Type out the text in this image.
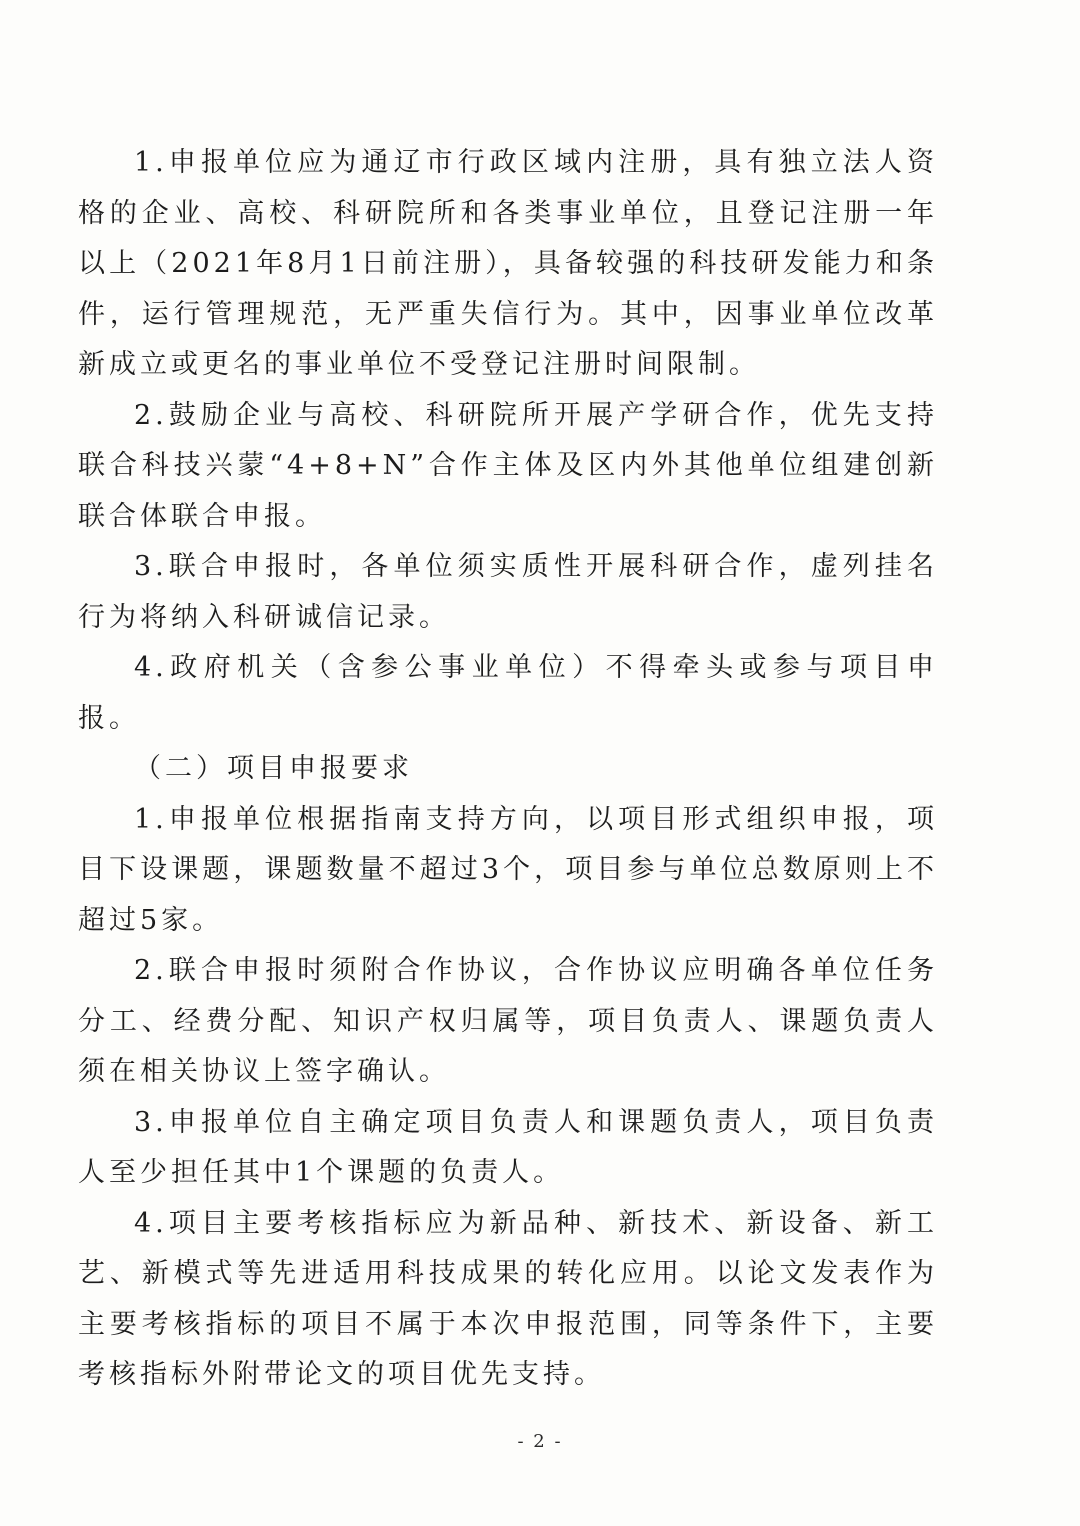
1.申报单位应为通辽市行政区域内注册，具有独立法人资格的企业、高校、科研院所和各类事业单位，且登记注册一年以上（2021年8月1日前注册），具备较强的科技研发能力和条件，运行管理规范，无严重失信行为。其中，因事业单位改革新成立或更名的事业单位不受登记注册时间限制。

2.鼓励企业与高校、科研院所开展产学研合作，优先支持联合科技兴蒙“4+8+N”合作主体及区内外其他单位组建创新联合体联合申报。

3.联合申报时，各单位须实质性开展科研合作，虚列挂名行为将纳入科研诚信记录。

4.政府机关（含参公事业单位）不得牵头或参与项目申报。

（二）项目申报要求

1.申报单位根据指南支持方向，以项目形式组织申报，项目下设课题，课题数量不超过3个，项目参与单位总数原则上不超过5家。

2.联合申报时须附合作协议，合作协议应明确各单位任务分工、经费分配、知识产权归属等，项目负责人、课题负责人须在相关协议上签字确认。

3.申报单位自主确定项目负责人和课题负责人，项目负责人至少担任其中1个课题的负责人。

4.项目主要考核指标应为新品种、新技术、新设备、新工艺、新模式等先进适用科技成果的转化应用。以论文发表作为主要考核指标的项目不属于本次申报范围，同等条件下，主要考核指标外附带论文的项目优先支持。

- 2 -
